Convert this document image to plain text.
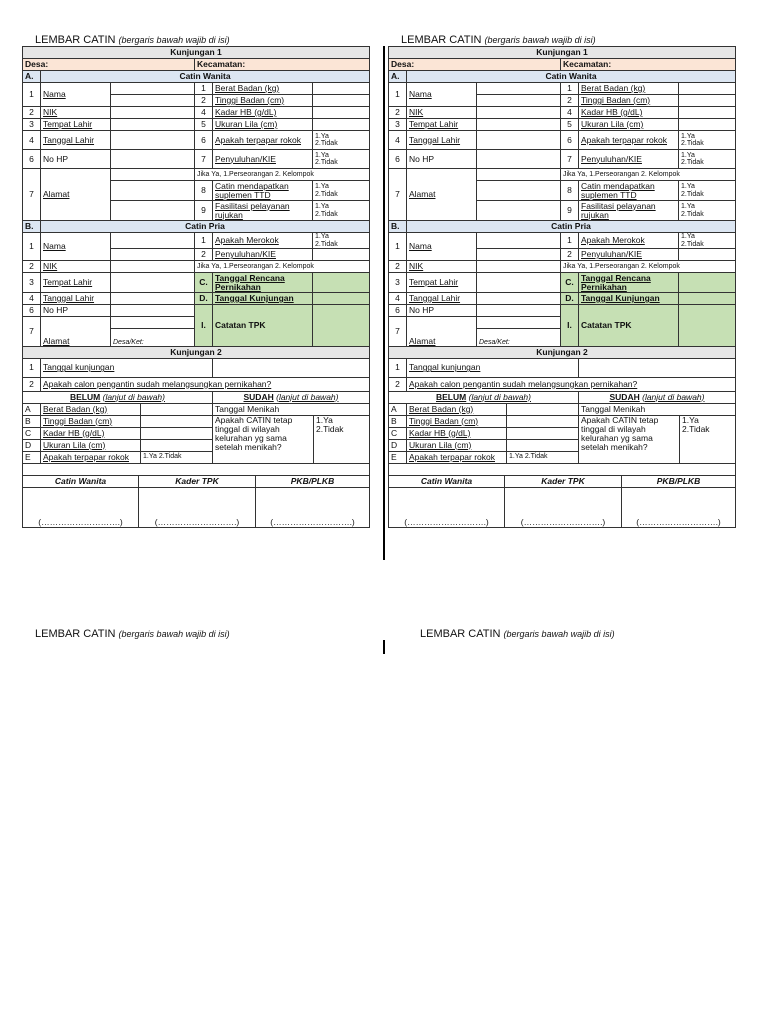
LEMBAR CATIN (bergaris bawah wajib di isi)
Kunjungan 1					
Desa:			Kecamatan:		
A.	Catin Wanita				
1	Nama		1	Berat Badan (kg)	
			2	Tinggi Badan (cm)	
2	NIK		4	Kadar HB (g/dL)	
3	Tempat Lahir		5	Ukuran Lila (cm)	
4	Tanggal Lahir		6	Apakah terpapar rokok	1.Ya
2.Tidak
6	No HP		7	Penyuluhan/KIE	1.Ya
2.Tidak
7	Alamat		Jika Ya, 1.Perseorangan 2. Kelompok		
			8	Catin mendapatkan suplemen TTD	1.Ya
2.Tidak
			9	Fasilitasi pelayanan rujukan	1.Ya
2.Tidak
B.	Catin Pria				
1	Nama		1	Apakah Merokok	1.Ya
2.Tidak
			2	Penyuluhan/KIE	
2	NIK		Jika Ya, 1.Perseorangan 2. Kelompok		
3	Tempat Lahir		C.	Tanggal Rencana Pernikahan	
4	Tanggal Lahir		D.	Tanggal Kunjungan	
6	No HP		I.	Catatan TPK	
7	Alamat				
		Desa/Ket:			
Kunjungan 2					
1	Tanggal kunjungan			
2	Apakah calon pengantin sudah melangsungkan pernikahan?			
BELUM (lanjut di bawah)			SUDAH (lanjut di bawah)	
A	Berat Badan (kg)		Tanggal Menikah	
B	Tinggi Badan (cm)		Apakah CATIN tetap tinggal di wilayah kelurahan yg sama setelah menikah?	1.Ya
2.Tidak
C	Kadar HB (g/dL)			
D	Ukuran Lila (cm)			
E	Apakah terpapar rokok	1.Ya 2.Tidak		

Catin Wanita	Kader TPK	PKB/PLKB
(……………………….)	(……………………….)	(……………………….)
LEMBAR CATIN (bergaris bawah wajib di isi)
Kunjungan 1					
Desa:			Kecamatan:		
A.	Catin Wanita				
1	Nama		1	Berat Badan (kg)	
			2	Tinggi Badan (cm)	
2	NIK		4	Kadar HB (g/dL)	
3	Tempat Lahir		5	Ukuran Lila (cm)	
4	Tanggal Lahir		6	Apakah terpapar rokok	1.Ya
2.Tidak
6	No HP		7	Penyuluhan/KIE	1.Ya
2.Tidak
7	Alamat		Jika Ya, 1.Perseorangan 2. Kelompok		
			8	Catin mendapatkan suplemen TTD	1.Ya
2.Tidak
			9	Fasilitasi pelayanan rujukan	1.Ya
2.Tidak
B.	Catin Pria				
1	Nama		1	Apakah Merokok	1.Ya
2.Tidak
			2	Penyuluhan/KIE	
2	NIK		Jika Ya, 1.Perseorangan 2. Kelompok		
3	Tempat Lahir		C.	Tanggal Rencana Pernikahan	
4	Tanggal Lahir		D.	Tanggal Kunjungan	
6	No HP		I.	Catatan TPK	
7	Alamat				
		Desa/Ket:			
Kunjungan 2					
1	Tanggal kunjungan			
2	Apakah calon pengantin sudah melangsungkan pernikahan?			
BELUM (lanjut di bawah)			SUDAH (lanjut di bawah)	
A	Berat Badan (kg)		Tanggal Menikah	
B	Tinggi Badan (cm)		Apakah CATIN tetap tinggal di wilayah kelurahan yg sama setelah menikah?	1.Ya
2.Tidak
C	Kadar HB (g/dL)			
D	Ukuran Lila (cm)			
E	Apakah terpapar rokok	1.Ya 2.Tidak		

Catin Wanita	Kader TPK	PKB/PLKB
(……………………….)	(……………………….)	(……………………….)
LEMBAR CATIN (bergaris bawah wajib di isi)	LEMBAR CATIN (bergaris bawah wajib di isi)
